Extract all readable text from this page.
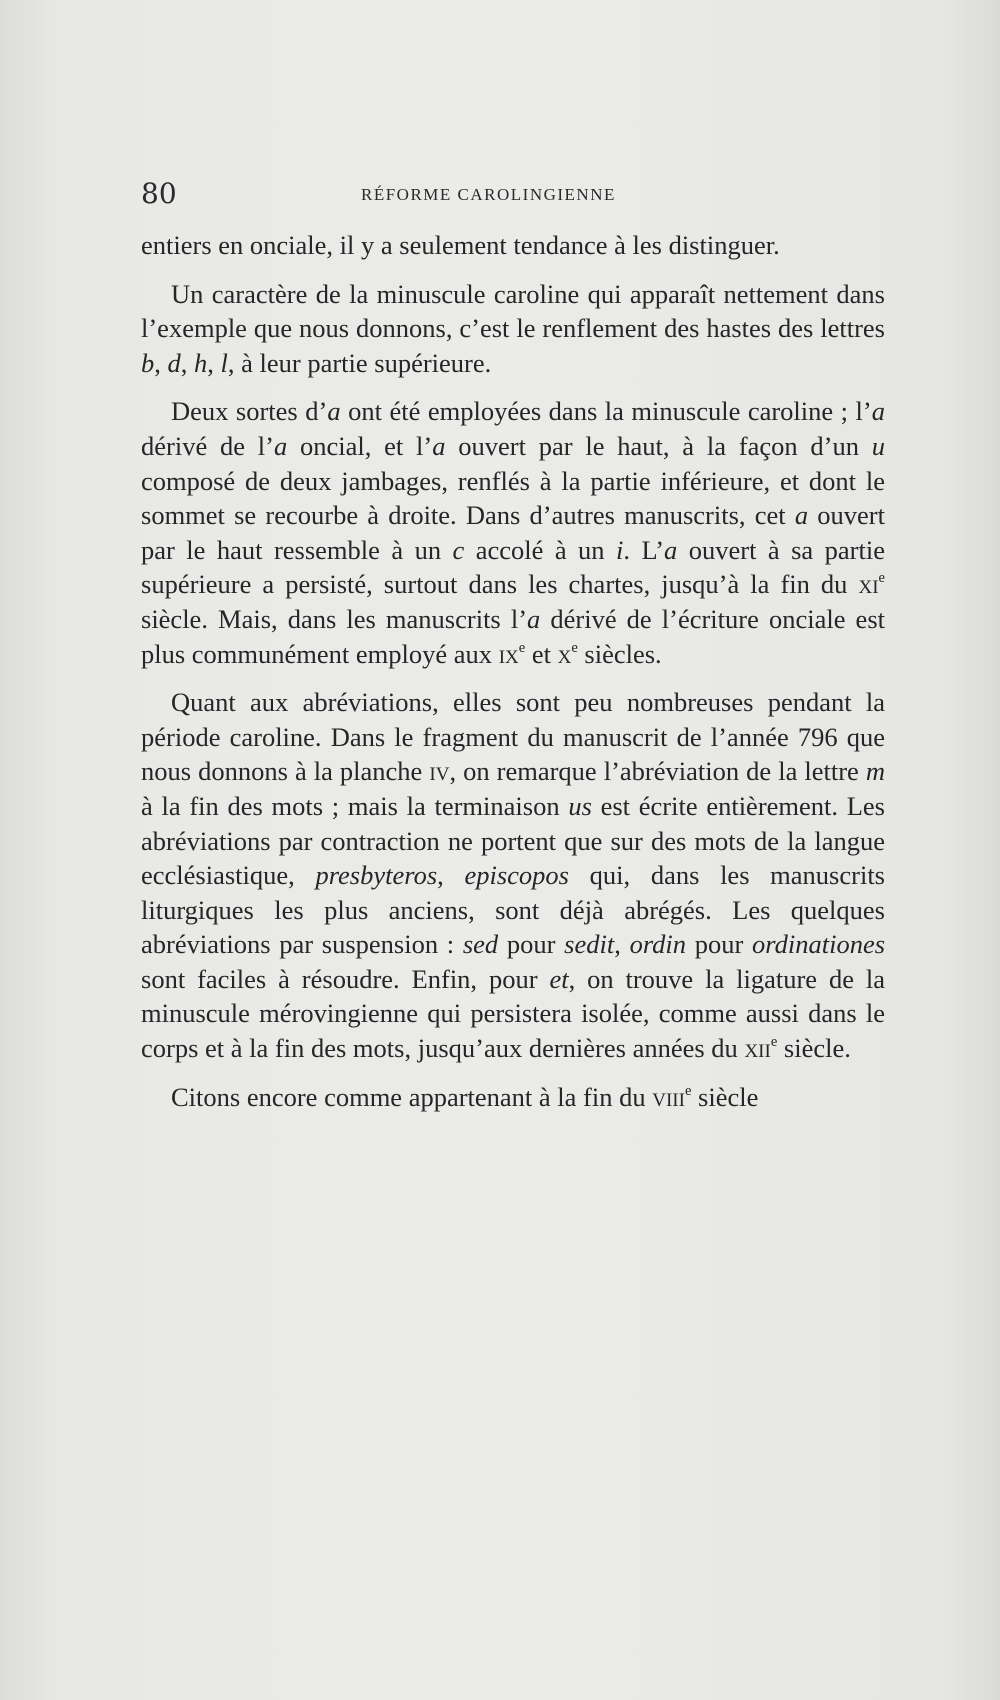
80	RÉFORME CAROLINGIENNE

entiers en onciale, il y a seulement tendance à les distinguer.

Un caractère de la minuscule caroline qui apparaît nettement dans l’exemple que nous donnons, c’est le renflement des hastes des lettres b, d, h, l, à leur partie supérieure.

Deux sortes d’a ont été employées dans la minuscule caroline ; l’a dérivé de l’a oncial, et l’a ouvert par le haut, à la façon d’un u composé de deux jambages, renflés à la partie inférieure, et dont le sommet se recourbe à droite. Dans d’autres manuscrits, cet a ouvert par le haut ressemble à un c accolé à un i. L’a ouvert à sa partie supérieure a persisté, surtout dans les chartes, jusqu’à la fin du $xi^e$ siècle. Mais, dans les manuscrits l’a dérivé de l’écriture onciale est plus communément employé aux $ix^e$ et $x^e$ siècles.

Quant aux abréviations, elles sont peu nombreuses pendant la période caroline. Dans le fragment du manuscrit de l’année 796 que nous donnons à la planche iv, on remarque l’abréviation de la lettre m à la fin des mots ; mais la terminaison us est écrite entièrement. Les abréviations par contraction ne portent que sur des mots de la langue ecclésiastique, presbyteros, episcopos qui, dans les manuscrits liturgiques les plus anciens, sont déjà abrégés. Les quelques abréviations par suspension : sed pour sedit, ordin pour ordinationes sont faciles à résoudre. Enfin, pour et, on trouve la ligature de la minuscule mérovingienne qui persistera isolée, comme aussi dans le corps et à la fin des mots, jusqu’aux dernières années du xii$^e$ siècle.

Citons encore comme appartenant à la fin du viii$^e$ siècle
